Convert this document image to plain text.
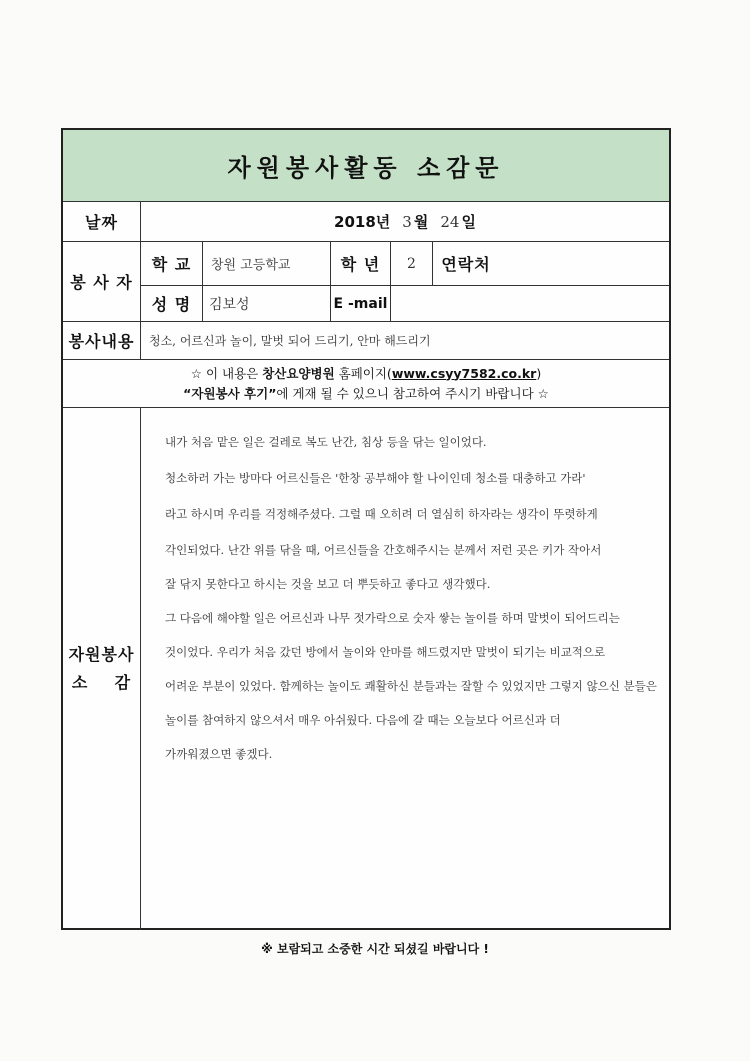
자원봉사활동 소감문
날짜	2018년 3 월 24 일
봉 사 자
학 교 창원 고등학교	학 년 2 연락처
성 명 김보성	E -mail
봉사내용 청소, 어르신과 놀이, 말벗 되어 드리기, 안마 해드리기
☆ 이 내용은 창산요양병원 홈페이지(www.csyy7582.co.kr)
“자원봉사 후기”에 게재 될 수 있으니 참고하여 주시기 바랍니다 ☆
자원봉사
소    감
내가 처음 맡은 일은 걸레로 복도 난간, 침상 등을 닦는 일이었다.
청소하러 가는 방마다 어르신들은 '한창 공부해야 할 나이인데 청소를 대충하고 가라'
라고 하시며 우리를 걱정해주셨다. 그럴 때 오히려 더 열심히 하자라는 생각이 뚜렷하게
각인되었다. 난간 위를 닦을 때, 어르신들을 간호해주시는 분께서 저런 곳은 키가 작아서
잘 닦지 못한다고 하시는 것을 보고 더 뿌듯하고 좋다고 생각했다.
그 다음에 해야할 일은 어르신과 나무 젓가락으로 숫자 쌓는 놀이를 하며 말벗이 되어드리는
것이었다. 우리가 처음 갔던 방에서 놀이와 안마를 해드렸지만 말벗이 되기는 비교적으로
어려운 부분이 있었다. 함께하는 놀이도 쾌활하신 분들과는 잘할 수 있었지만 그렇지 않으신 분들은
놀이를 참여하지 않으셔서 매우 아쉬웠다. 다음에 갈 때는 오늘보다 어르신과 더
가까워졌으면 좋겠다.
※ 보람되고 소중한 시간 되셨길 바랍니다 !
